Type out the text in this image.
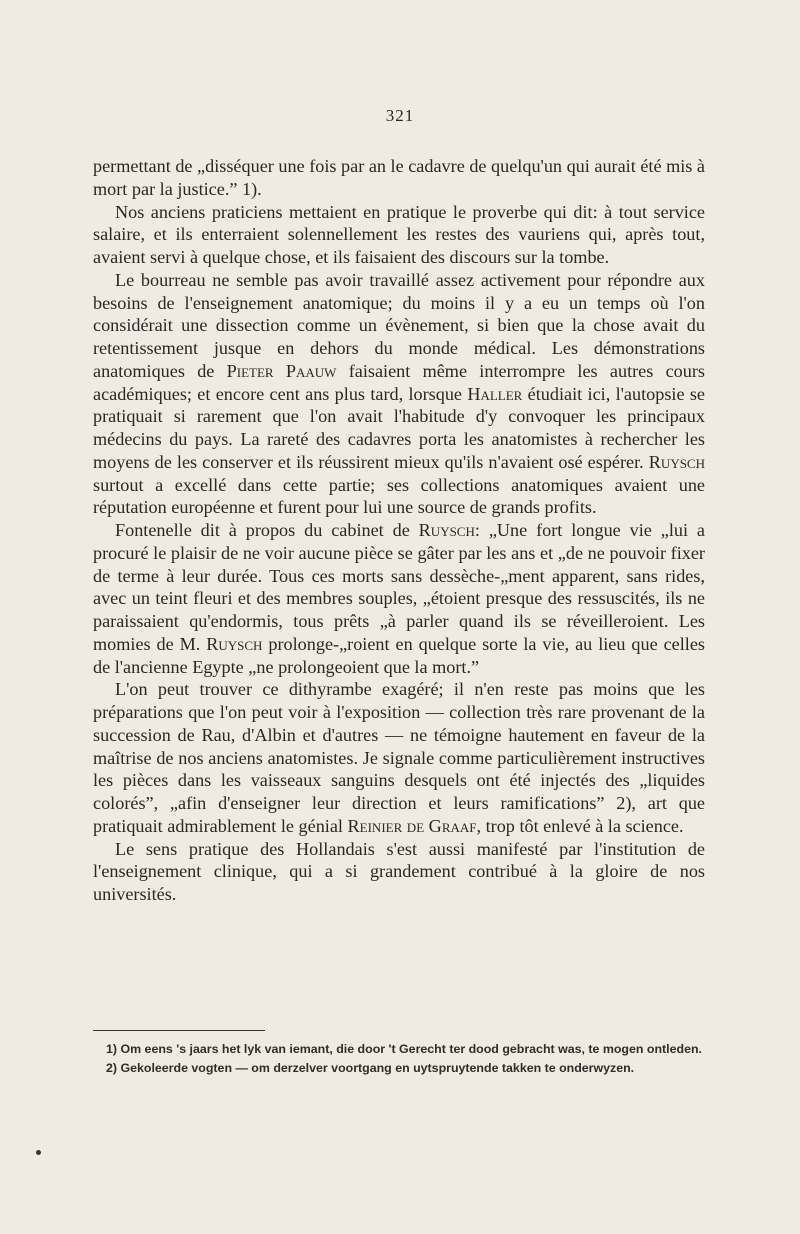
321

permettant de „disséquer une fois par an le cadavre de quelqu'un qui aurait été mis à mort par la justice.” 1).

Nos anciens praticiens mettaient en pratique le proverbe qui dit: à tout service salaire, et ils enterraient solennellement les restes des vauriens qui, après tout, avaient servi à quelque chose, et ils faisaient des discours sur la tombe.

Le bourreau ne semble pas avoir travaillé assez activement pour répondre aux besoins de l'enseignement anatomique; du moins il y a eu un temps où l'on considérait une dissection comme un évènement, si bien que la chose avait du retentissement jusque en dehors du monde médical. Les démonstrations anatomiques de Pieter Paauw faisaient même interrompre les autres cours académiques; et encore cent ans plus tard, lorsque Haller étudiait ici, l'autopsie se pratiquait si rarement que l'on avait l'habitude d'y convoquer les principaux médecins du pays. La rareté des cadavres porta les anatomistes à rechercher les moyens de les conserver et ils réussirent mieux qu'ils n'avaient osé espérer. Ruysch surtout a excellé dans cette partie; ses collections anatomiques avaient une réputation européenne et furent pour lui une source de grands profits.

Fontenelle dit à propos du cabinet de Ruysch: „Une fort longue vie „lui a procuré le plaisir de ne voir aucune pièce se gâter par les ans et „de ne pouvoir fixer de terme à leur durée. Tous ces morts sans dessèche-„ment apparent, sans rides, avec un teint fleuri et des membres souples, „étoient presque des ressuscités, ils ne paraissaient qu'endormis, tous prêts „à parler quand ils se réveilleroient. Les momies de M. Ruysch prolonge-„roient en quelque sorte la vie, au lieu que celles de l'ancienne Egypte „ne prolongeoient que la mort.”

L'on peut trouver ce dithyrambe exagéré; il n'en reste pas moins que les préparations que l'on peut voir à l'exposition — collection très rare provenant de la succession de Rau, d'Albin et d'autres — ne témoigne hautement en faveur de la maîtrise de nos anciens anatomistes. Je signale comme particulièrement instructives les pièces dans les vaisseaux sanguins desquels ont été injectés des „liquides colorés”, „afin d'enseigner leur direction et leurs ramifications” 2), art que pratiquait admirablement le génial Reinier de Graaf, trop tôt enlevé à la science.

Le sens pratique des Hollandais s'est aussi manifesté par l'institution de l'enseignement clinique, qui a si grandement contribué à la gloire de nos universités.

1) Om eens 's jaars het lyk van iemant, die door 't Gerecht ter dood gebracht was, te mogen ontleden.

2) Gekoleerde vogten — om derzelver voortgang en uytspruytende takken te onderwyzen.
